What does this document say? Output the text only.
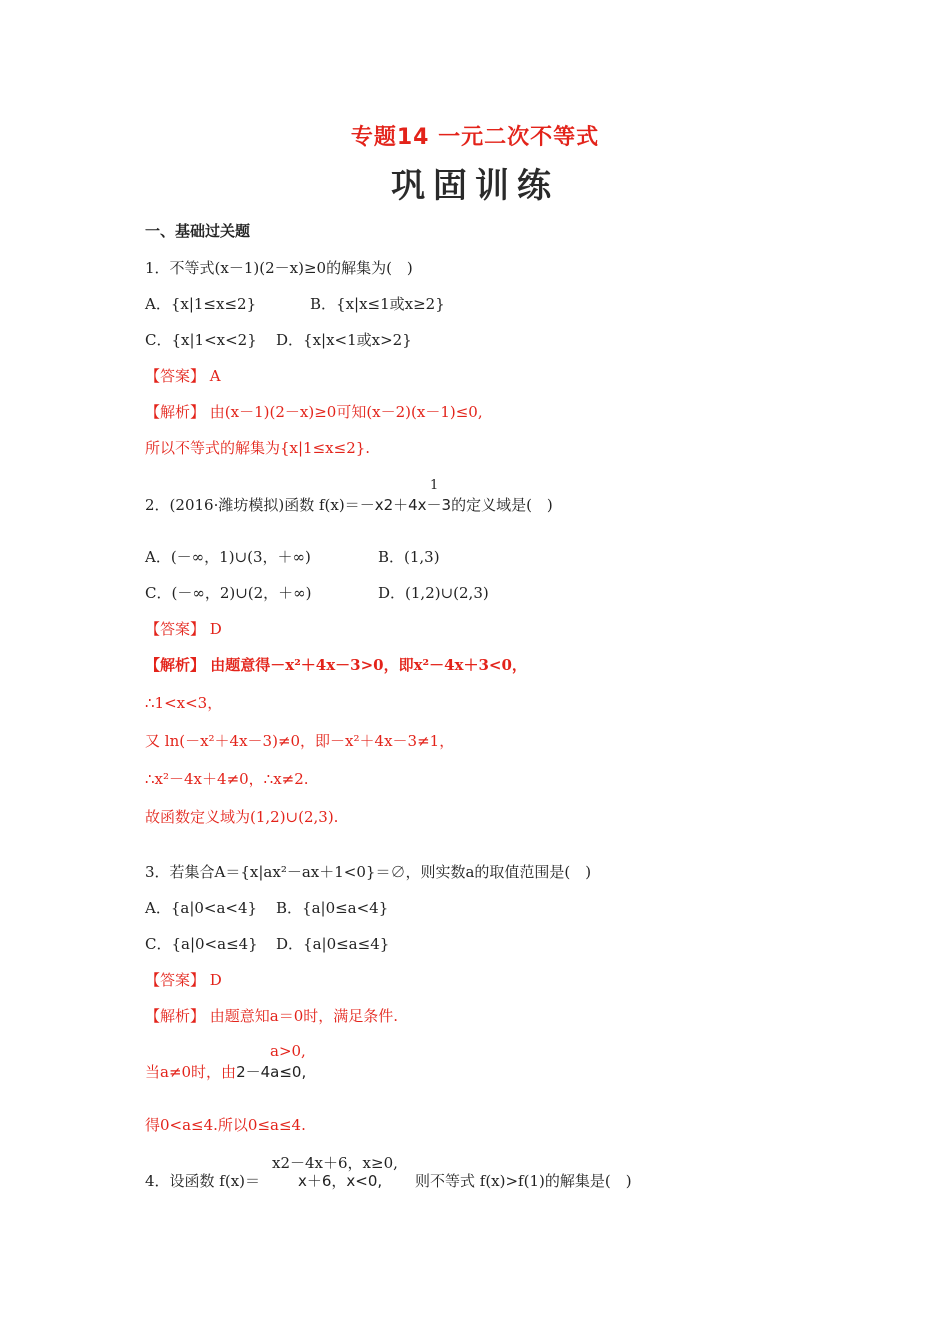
专题14 一元二次不等式
巩固训练
一、基础过关题
1．不等式(x－1)(2－x)≥0的解集为(　)
A．{x|1≤x≤2}	B．{x|x≤1或x≥2}
C．{x|1<x<2} D．{x|x<1或x>2}
【答案】 A
【解析】 由(x－1)(2－x)≥0可知(x－2)(x－1)≤0,
所以不等式的解集为{x|1≤x≤2}.
1
2．(2016·潍坊模拟)函数 f(x)＝－x2＋4x－3的定义域是(　)
A．(－∞，1)∪(3，＋∞)	B．(1,3)
C．(－∞，2)∪(2，＋∞)	D．(1,2)∪(2,3)
【答案】 D
【解析】 由题意得－x²＋4x－3>0，即x²－4x＋3<0，
∴1<x<3，
又 ln(－x²＋4x－3)≠0，即－x²＋4x－3≠1，
∴x²－4x＋4≠0，∴x≠2.
故函数定义域为(1,2)∪(2,3).
3．若集合A＝{x|ax²－ax＋1<0}＝∅，则实数a的取值范围是(　)
A．{a|0<a<4} B．{a|0≤a<4}
C．{a|0<a≤4} D．{a|0≤a≤4}
【答案】 D
【解析】 由题意知a＝0时，满足条件.
a>0,
当a≠0时，由2－4a≤0,
得0<a≤4.所以0≤a≤4.
x2－4x＋6，x≥0,
4．设函数 f(x)＝	x＋6，x<0, 则不等式 f(x)>f(1)的解集是(　)
